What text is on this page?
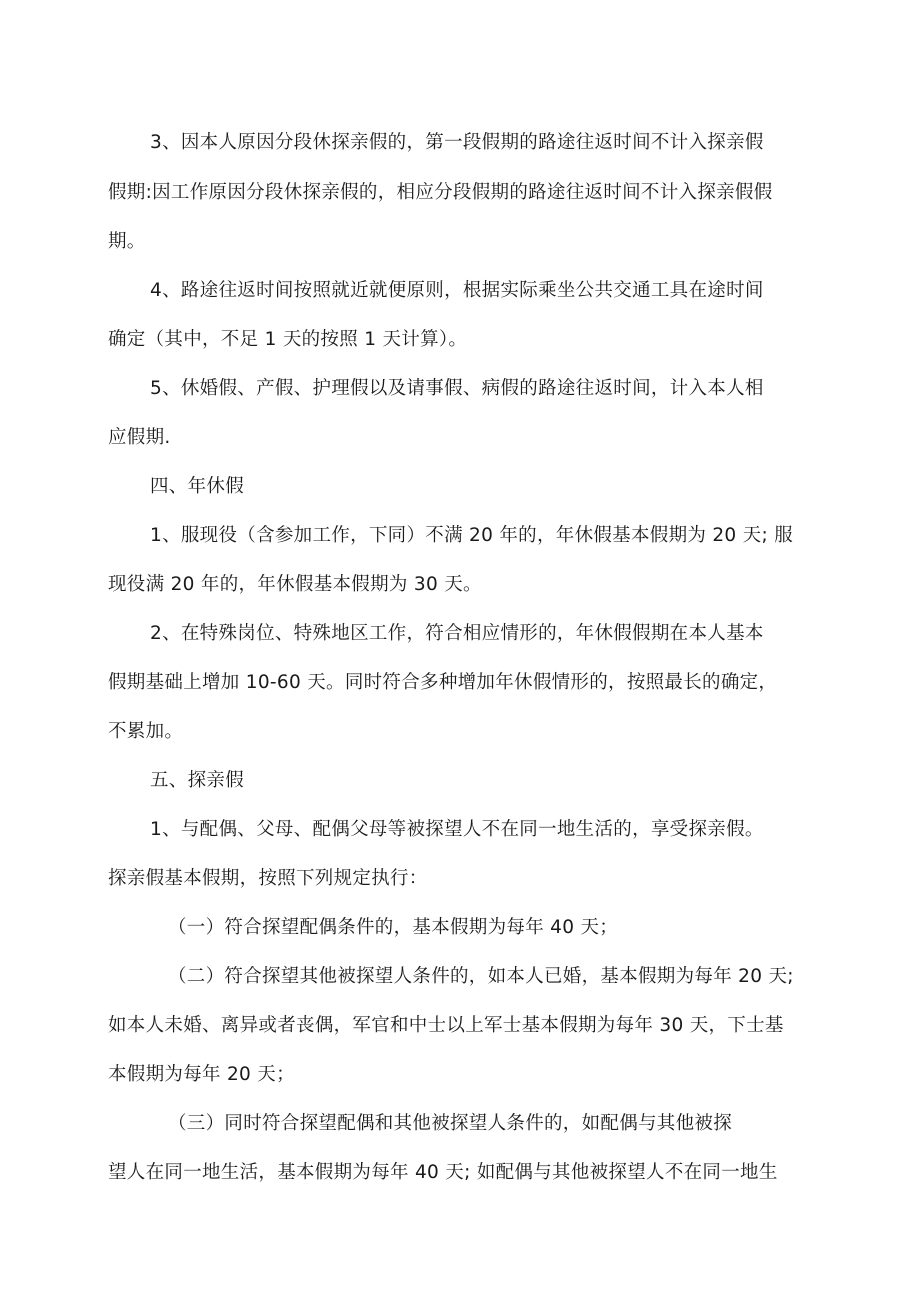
3、因本人原因分段休探亲假的，第一段假期的路途往返时间不计入探亲假
假期:因工作原因分段休探亲假的，相应分段假期的路途往返时间不计入探亲假假
期。
4、路途往返时间按照就近就便原则，根据实际乘坐公共交通工具在途时间
确定（其中，不足 1 天的按照 1 天计算）。
5、休婚假、产假、护理假以及请事假、病假的路途往返时间，计入本人相
应假期.
四、年休假
1、服现役（含参加工作，下同）不满 20 年的，年休假基本假期为 20 天; 服
现役满 20 年的，年休假基本假期为 30 天。
2、在特殊岗位、特殊地区工作，符合相应情形的，年休假假期在本人基本
假期基础上增加 10-60 天。同时符合多种增加年休假情形的，按照最长的确定，
不累加。
五、探亲假
1、与配偶、父母、配偶父母等被探望人不在同一地生活的，享受探亲假。
探亲假基本假期，按照下列规定执行：
（一）符合探望配偶条件的，基本假期为每年 40 天；
（二）符合探望其他被探望人条件的，如本人已婚，基本假期为每年 20 天;
如本人未婚、离异或者丧偶，军官和中士以上军士基本假期为每年 30 天，下士基
本假期为每年 20 天；
（三）同时符合探望配偶和其他被探望人条件的，如配偶与其他被探
望人在同一地生活，基本假期为每年 40 天; 如配偶与其他被探望人不在同一地生
